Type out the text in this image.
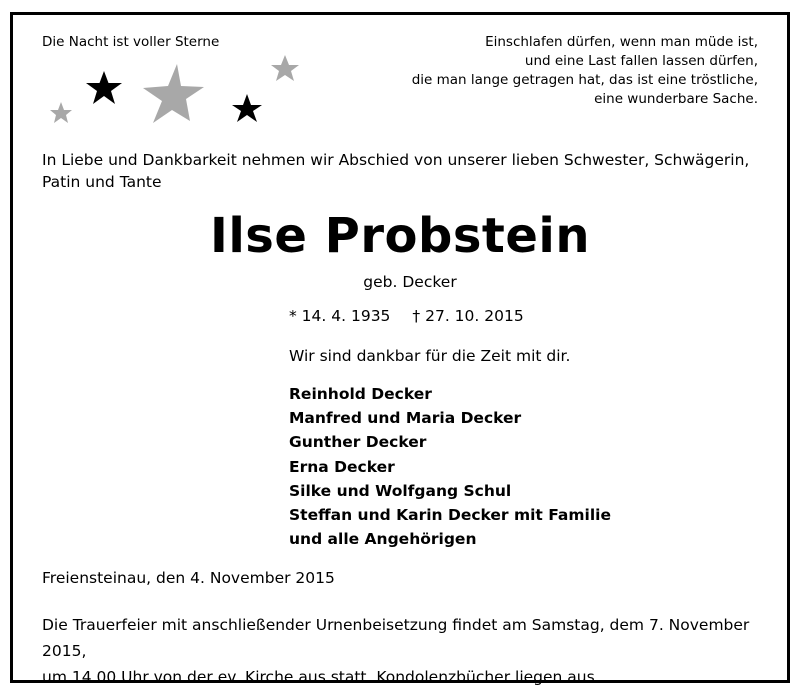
Die Nacht ist voller Sterne	Einschlafen dürfen, wenn man müde ist,
und eine Last fallen lassen dürfen,
die man lange getragen hat, das ist eine tröstliche,
eine wunderbare Sache.

In Liebe und Dankbarkeit nehmen wir Abschied von unserer lieben Schwester, Schwägerin, Patin und Tante

Ilse Probstein

geb. Decker

* 14. 4. 1935 † 27. 10. 2015

Wir sind dankbar für die Zeit mit dir.

Reinhold Decker
Manfred und Maria Decker
Gunther Decker
Erna Decker
Silke und Wolfgang Schul
Steffan und Karin Decker mit Familie
und alle Angehörigen

Freiensteinau, den 4. November 2015

Die Trauerfeier mit anschließender Urnenbeisetzung findet am Samstag, dem 7. November 2015,
um 14.00 Uhr von der ev. Kirche aus statt. Kondolenzbücher liegen aus.
